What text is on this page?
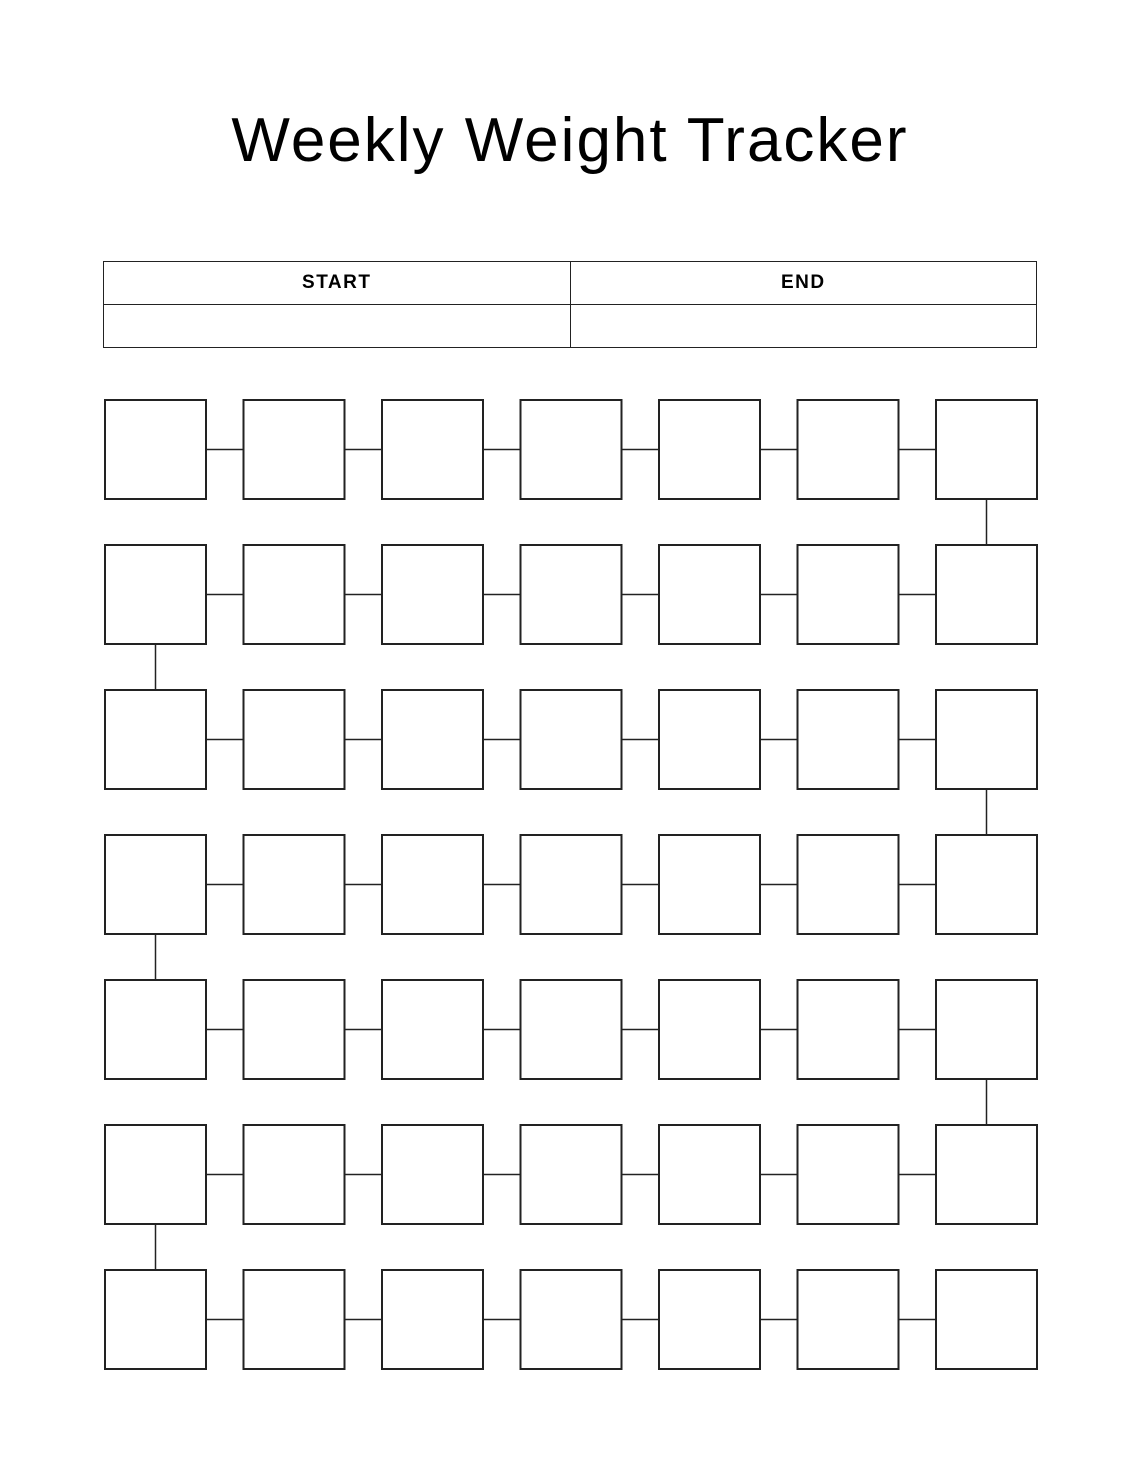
Weekly Weight Tracker
START	END
